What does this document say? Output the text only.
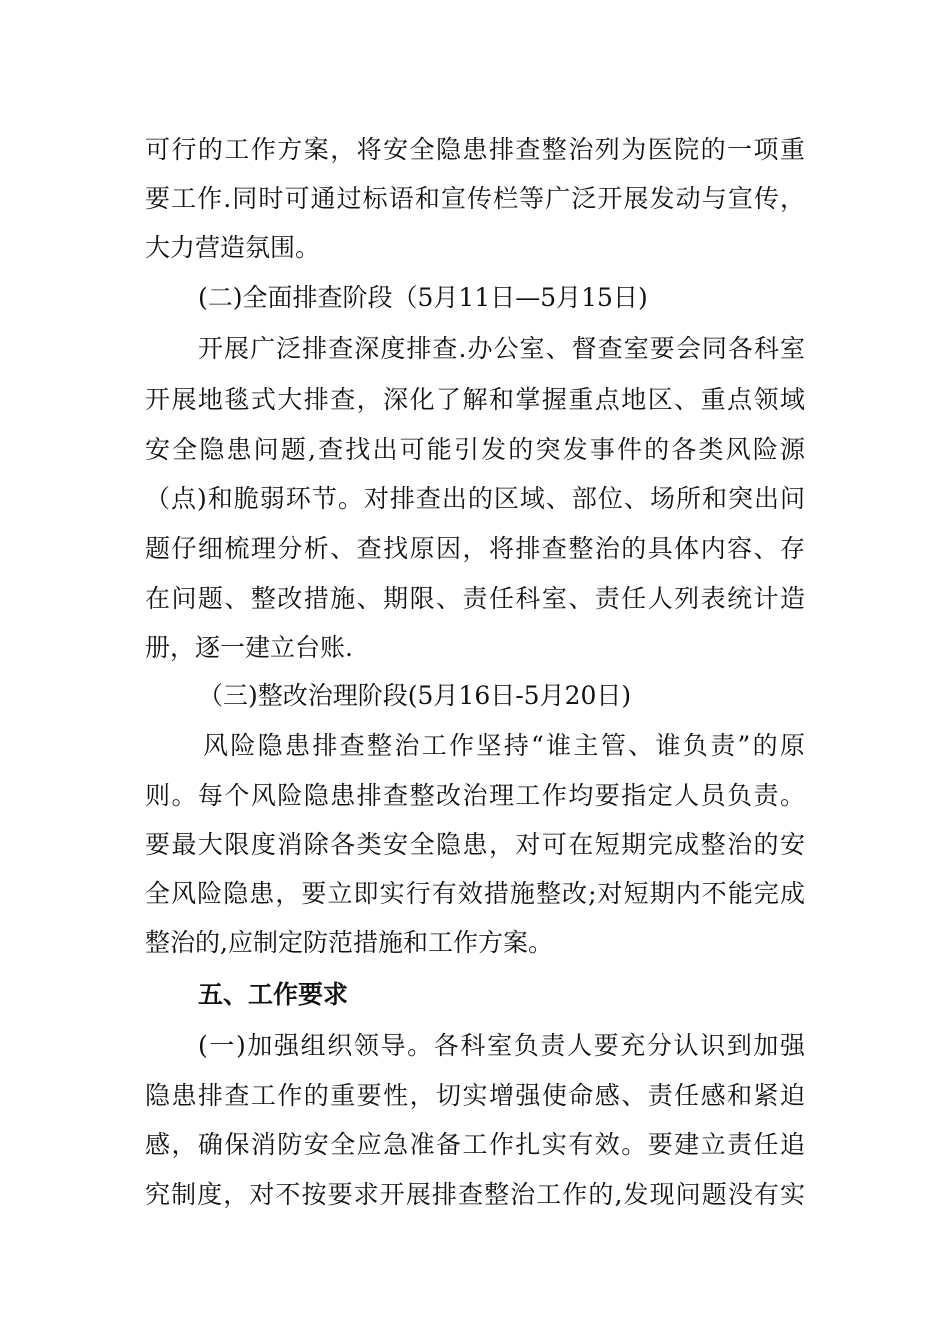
可行的工作方案，将安全隐患排查整治列为医院的一项重
要工作.同时可通过标语和宣传栏等广泛开展发动与宣传，
大力营造氛围。
(二)全面排查阶段（5月11日—5月15日)
开展广泛排查深度排查.办公室、督查室要会同各科室
开展地毯式大排查，深化了解和掌握重点地区、重点领域
安全隐患问题,查找出可能引发的突发事件的各类风险源
（点)和脆弱环节。对排查出的区域、部位、场所和突出问
题仔细梳理分析、查找原因，将排查整治的具体内容、存
在问题、整改措施、期限、责任科室、责任人列表统计造
册，逐一建立台账.
（三)整改治理阶段(5月16日-5月20日)
风险隐患排查整治工作坚持“谁主管、谁负责”的原
则。每个风险隐患排查整改治理工作均要指定人员负责。
要最大限度消除各类安全隐患，对可在短期完成整治的安
全风险隐患，要立即实行有效措施整改;对短期内不能完成
整治的,应制定防范措施和工作方案。
五、工作要求
(一)加强组织领导。各科室负责人要充分认识到加强
隐患排查工作的重要性，切实增强使命感、责任感和紧迫
感，确保消防安全应急准备工作扎实有效。要建立责任追
究制度，对不按要求开展排查整治工作的,发现问题没有实
